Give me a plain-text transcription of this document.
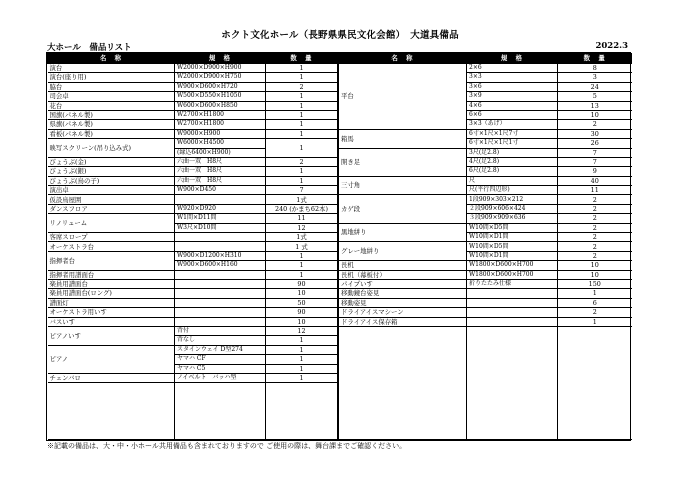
ホクト文化ホール（長野県県民文化会館）　大道具備品
大ホール　備品リスト	2022.3
名　称	規　格	数　量
演台	W2000×D900×H900	1
演台(座り用)	W2000×D900×H750	1
脇台	W900×D600×H720	2
司会卓	W500×D550×H1050	1
花台	W600×D600×H850	1
国旗(パネル製)	W2700×H1800	1
県旗(パネル製)	W2700×H1800	1
看板(パネル製)	W9000×H900	1
映写スクリーン(吊り込み式)	W6000×H4500	1
	(縁込6400×H900)	
びょうぶ(金)	六曲一双　H8尺	2
びょうぶ(銀)	六曲一双　H8尺	1
びょうぶ(鳥の子)	六曲一双　H8尺	1
演出卓	W900×D450	7
仮設鳥屋囲		1式
ダンスフロア	W920×D920	240 (かまち62本)
リノリューム	W1間×D11間	11
	W3尺×D10間	12
客席スロープ		1式
オーケストラ台		1 式
指揮者台	W900×D1200×H310	1
	W900×D600×H160	1
指揮者用譜面台		1
楽員用譜面台		90
楽員用譜面台(ロング)		10
譜面灯		50
オーケストラ用いす		90
バスいす		10
ピアノいす	背付	12
	背なし	1
ピアノ	スタインウェイ D型274	1
	ヤマハ CF	1
	ヤマハ C5	1
チェンバロ	ノイベルト　バッハ型	1

名　称	規　格	数　量
平台	2×6	8
	3×3	3
	3×6	24
	3×9	5
	4×6	13
	6×6	10
	3×3（あげ）	2
箱馬	6寸×1尺×1尺7寸	30
	6寸×1尺×1尺1寸	26
開き足	3尺(足2.8)	7
	4尺(足2.8)	7
	6尺(足2.8)	9
三寸角	尺	40
	尺(平行四辺形)	11
カゲ段	1段909×303×212	2
	２段909×606×424	2
	３段909×909×636	2
黒地絣り	W10間×D5間	2
	W10間×D1間	2
グレー地絣り	W10間×D5間	2
	W10間×D1間	2
長机	W1800×D600×H700	10
長机（幕板付）	W1800×D600×H700	10
パイプいす	折りたたみ仕様	150
移動鏡台姿見		1
移動姿見		6
ドライアイスマシーン		2
ドライアイス保存箱		1

※記載の備品は、大・中・小ホール共用備品も含まれておりますので ご使用の際は、舞台課までご確認ください。
